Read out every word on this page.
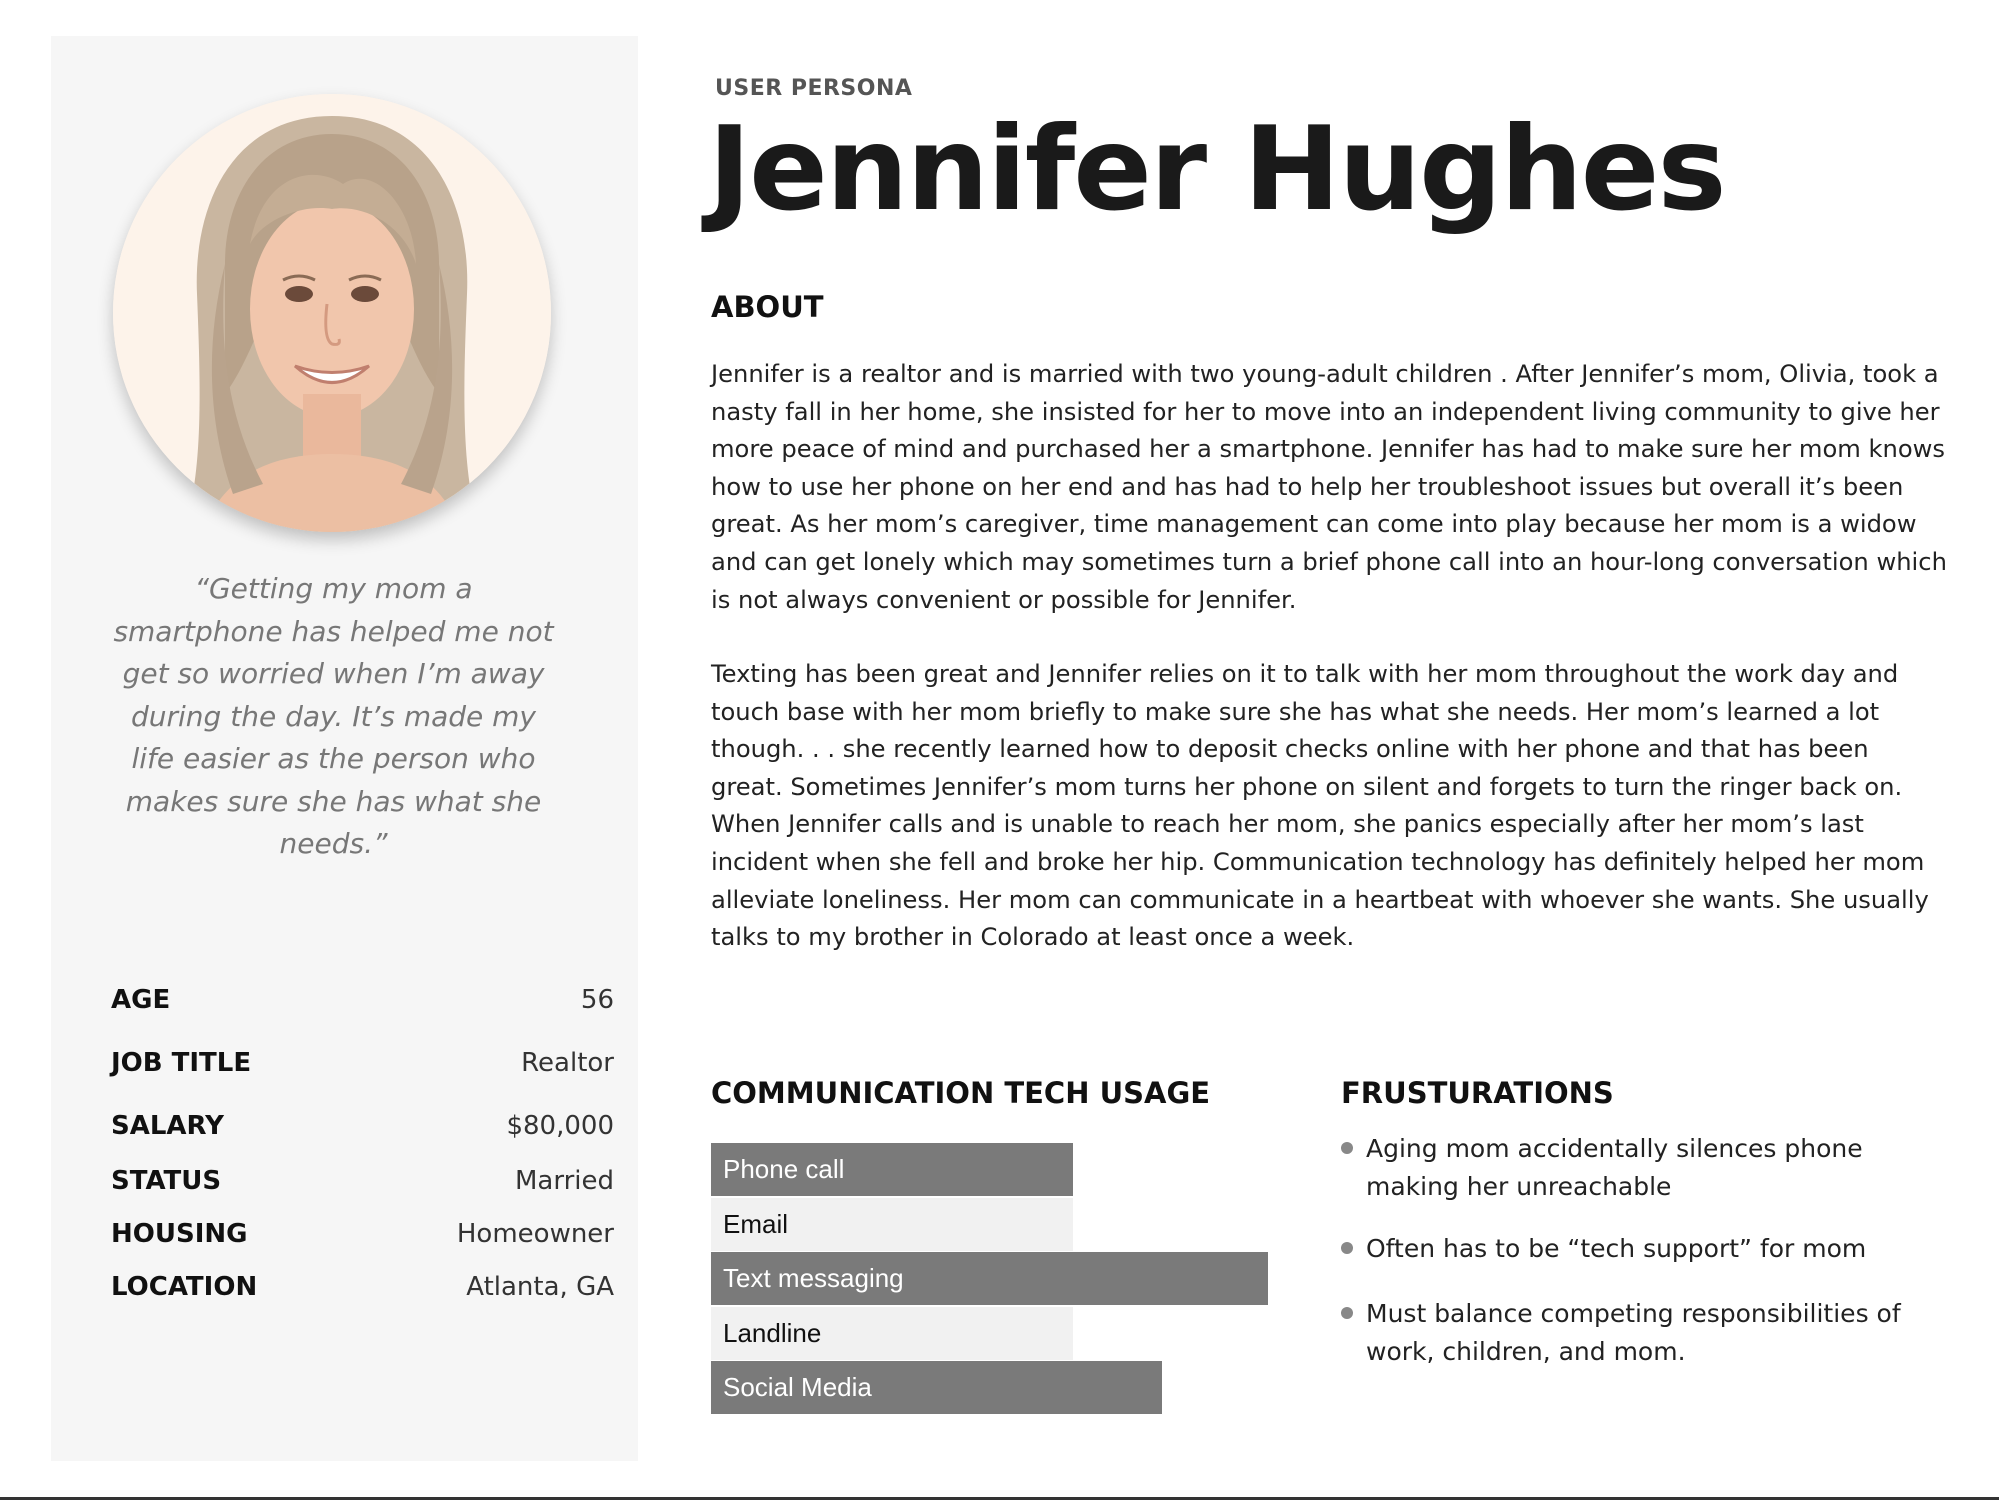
“Getting my mom a smartphone has helped me not get so worried when I’m away during the day. It’s made my life easier as the person who makes sure she has what she needs.”

AGE	56
JOB TITLE	Realtor
SALARY	$80,000
STATUS	Married
HOUSING	Homeowner
LOCATION	Atlanta, GA

USER PERSONA

Jennifer Hughes
ABOUT

Jennifer is a realtor and is married with two young-adult children . After Jennifer’s mom, Olivia, took a nasty fall in her home, she insisted for her to move into an independent living community to give her more peace of mind and purchased her a smartphone. Jennifer has had to make sure her mom knows how to use her phone on her end and has had to help her troubleshoot issues but overall it’s been great. As her mom’s caregiver, time management can come into play because her mom is a widow and can get lonely which may sometimes turn a brief phone call into an hour-long conversation which is not always convenient or possible for Jennifer.

Texting has been great and Jennifer relies on it to talk with her mom throughout the work day and touch base with her mom briefly to make sure she has what she needs. Her mom’s learned a lot though. . . she recently learned how to deposit checks online with her phone and that has been great. Sometimes Jennifer’s mom turns her phone on silent and forgets to turn the ringer back on. When Jennifer calls and is unable to reach her mom, she panics especially after her mom’s last incident when she fell and broke her hip. Communication technology has definitely helped her mom alleviate loneliness. Her mom can communicate in a heartbeat with whoever she wants. She usually talks to my brother in Colorado at least once a week.

COMMUNICATION TECH USAGE
Phone call
Email
Text messaging
Landline
Social Media
FRUSTURATIONS
Aging mom accidentally silences phone making her unreachable
Often has to be “tech support” for mom
Must balance competing responsibilities of work, children, and mom.
